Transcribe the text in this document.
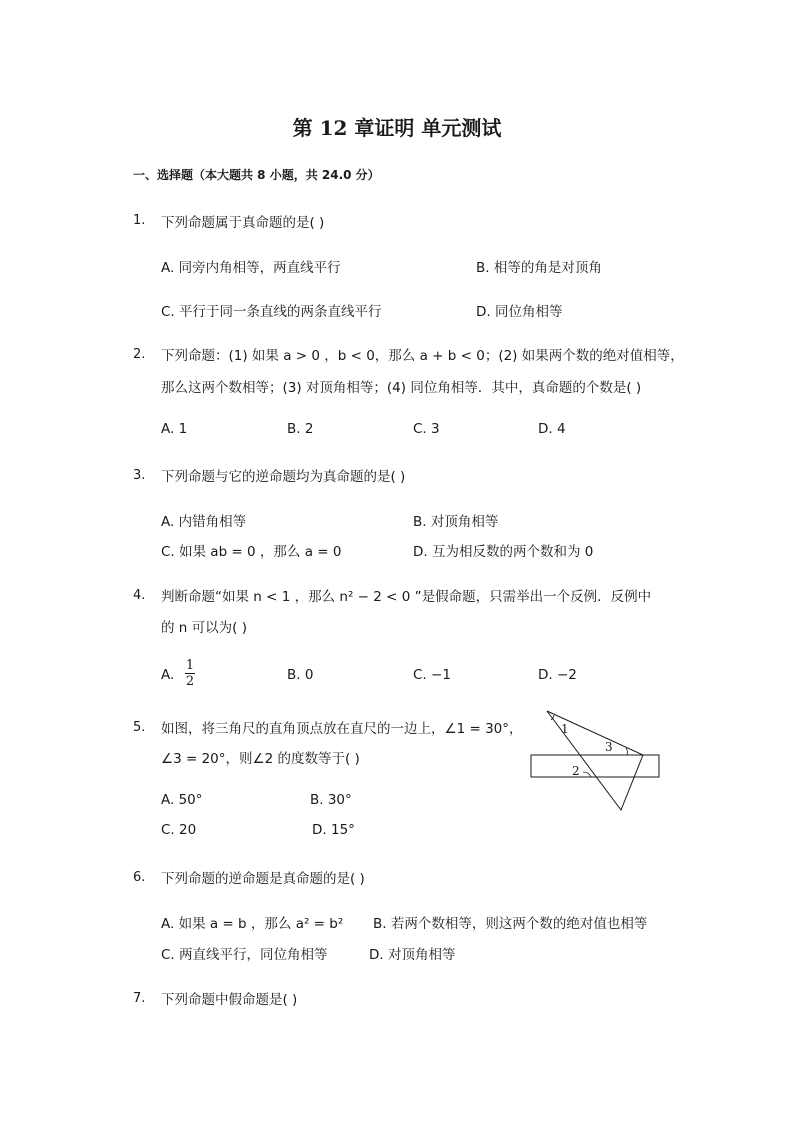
第 12 章证明 单元测试
一、选择题（本大题共 8 小题，共 24.0 分）
1. 下列命题属于真命题的是( )
A. 同旁内角相等，两直线平行	B. 相等的角是对顶角
C. 平行于同一条直线的两条直线平行	D. 同位角相等
2. 下列命题：(1) 如果 a > 0 ，b < 0，那么 a + b < 0；(2) 如果两个数的绝对值相等，
那么这两个数相等；(3) 对顶角相等；(4) 同位角相等．其中，真命题的个数是( )
A. 1	B. 2	C. 3	D. 4
3. 下列命题与它的逆命题均为真命题的是( )
A. 内错角相等	B. 对顶角相等
C. 如果 ab = 0 ，那么 a = 0	D. 互为相反数的两个数和为 0
4. 判断命题“如果 n < 1 ，那么 n² − 2 < 0 ”是假命题，只需举出一个反例．反例中
的 n 可以为( )
A.
1
2	B. 0	C. −1	D. −2
5. 如图，将三角尺的直角顶点放在直尺的一边上，∠1 = 30°，
∠3 = 20°，则∠2 的度数等于( )
A. 50°	B. 30°
C. 20	D. 15°
1
3
2
6. 下列命题的逆命题是真命题的是( )
A. 如果 a = b ，那么 a² = b² B. 若两个数相等，则这两个数的绝对值也相等
C. 两直线平行，同位角相等	D. 对顶角相等
7. 下列命题中假命题是( )
